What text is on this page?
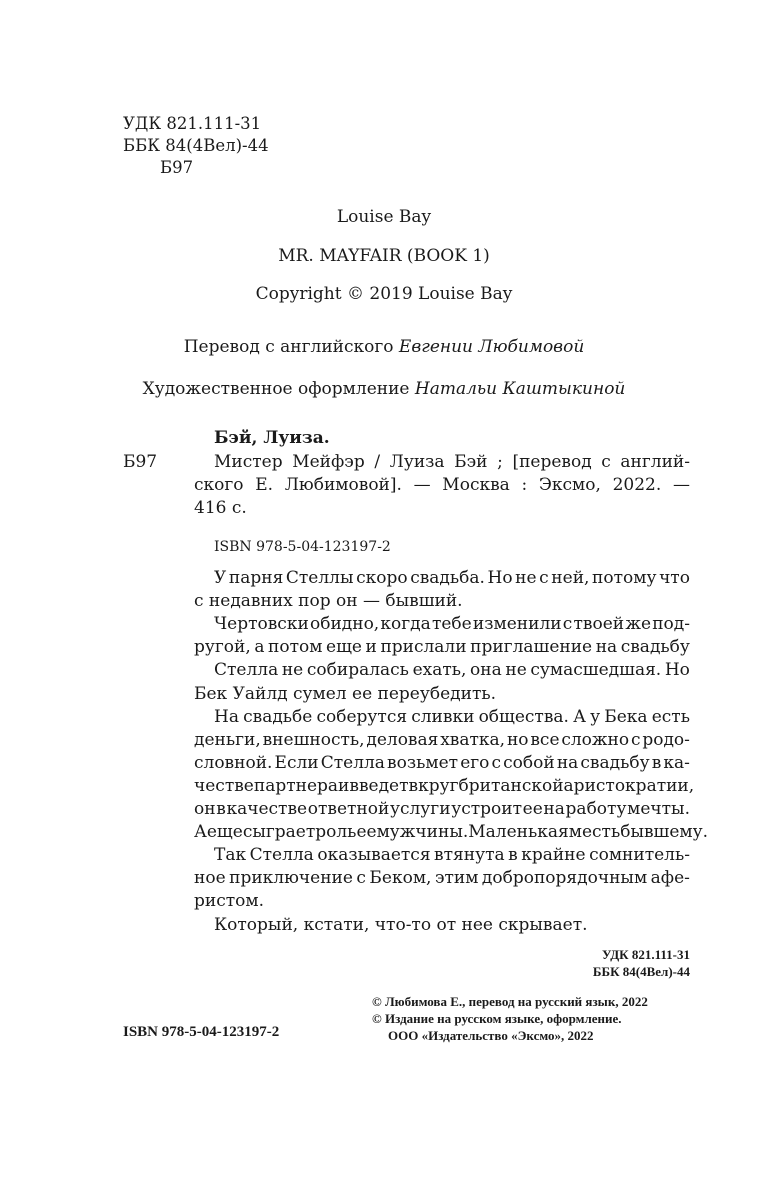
УДК 821.111-31
ББК 84(4Вел)-44
Б97
Louise Bay
MR. MAYFAIR (BOOK 1)
Copyright © 2019 Louise Bay
Перевод с английского Евгении Любимовой
Художественное оформление Натальи Каштыкиной
Бэй, Луиза.
Б97	Мистер Мейфэр / Луиза Бэй ; [перевод с англий-
ского Е. Любимовой]. — Москва : Эксмо, 2022. —
416 с.
ISBN 978-5-04-123197-2
У парня Стеллы скоро свадьба. Но не с ней, потому что
с недавних пор он — бывший.
Чертовски обидно, когда тебе изменили с твоей же под-
ругой, а потом еще и прислали приглашение на свадьбу
Стелла не собиралась ехать, она не сумасшедшая. Но
Бек Уайлд сумел ее переубедить.
На свадьбе соберутся сливки общества. А у Бека есть
деньги, внешность, деловая хватка, но все сложно с родо-
словной. Если Стелла возьмет его с собой на свадьбу в ка-
честве партнера и введет в круг британской аристократии,
он в качестве ответной услуги устроит ее на работу мечты.
А еще сыграет роль ее мужчины. Маленькая месть бывшему.
Так Стелла оказывается втянута в крайне сомнитель-
ное приключение с Беком, этим добропорядочным афе-
ристом.
Который, кстати, что-то от нее скрывает.
УДК 821.111-31
ББК 84(4Вел)-44
© Любимова Е., перевод на русский язык, 2022
© Издание на русском языке, оформление.
ООО «Издательство «Эксмо», 2022
ISBN 978-5-04-123197-2
